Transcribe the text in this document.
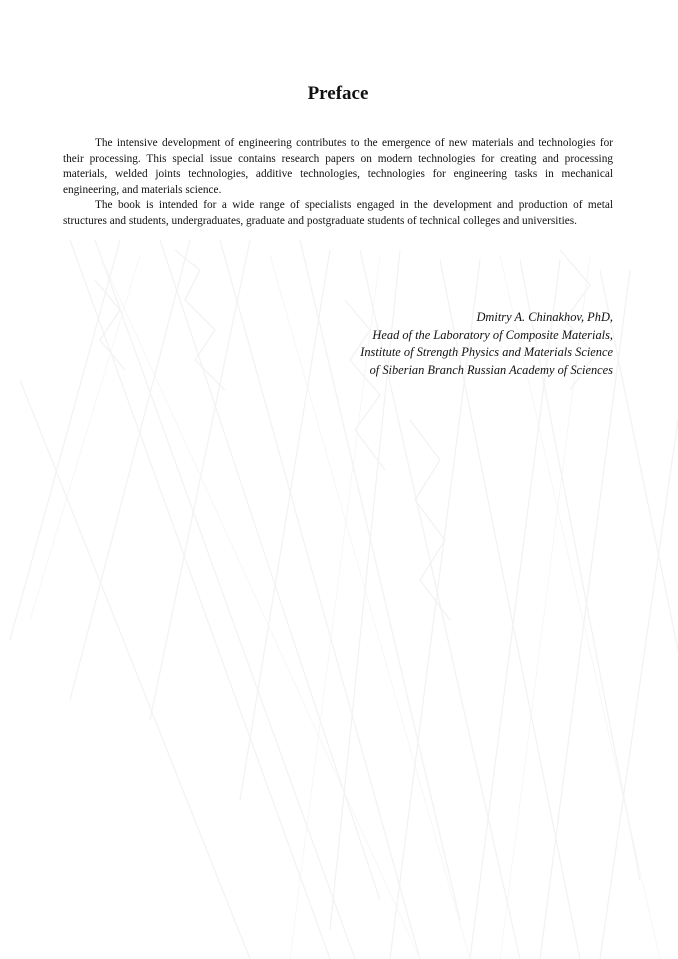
Preface

The intensive development of engineering contributes to the emergence of new materials and technologies for their processing. This special issue contains research papers on modern technologies for creating and processing materials, welded joints technologies, additive technologies, technologies for engineering tasks in mechanical engineering, and materials science.

The book is intended for a wide range of specialists engaged in the development and production of metal structures and students, undergraduates, graduate and postgraduate students of technical colleges and universities.

Dmitry A. Chinakhov, PhD,
Head of the Laboratory of Composite Materials,
Institute of Strength Physics and Materials Science
of Siberian Branch Russian Academy of Sciences
